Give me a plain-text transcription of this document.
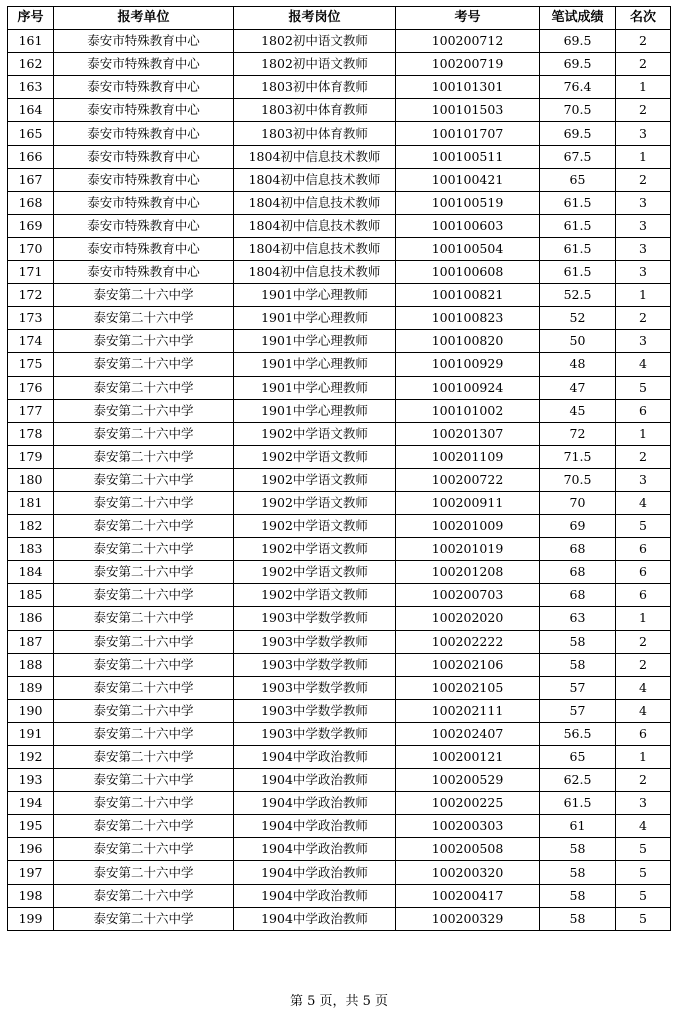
序号	报考单位	报考岗位	考号	笔试成绩	名次
161	泰安市特殊教育中心	1802初中语文教师	100200712	69.5	2
162	泰安市特殊教育中心	1802初中语文教师	100200719	69.5	2
163	泰安市特殊教育中心	1803初中体育教师	100101301	76.4	1
164	泰安市特殊教育中心	1803初中体育教师	100101503	70.5	2
165	泰安市特殊教育中心	1803初中体育教师	100101707	69.5	3
166	泰安市特殊教育中心	1804初中信息技术教师	100100511	67.5	1
167	泰安市特殊教育中心	1804初中信息技术教师	100100421	65	2
168	泰安市特殊教育中心	1804初中信息技术教师	100100519	61.5	3
169	泰安市特殊教育中心	1804初中信息技术教师	100100603	61.5	3
170	泰安市特殊教育中心	1804初中信息技术教师	100100504	61.5	3
171	泰安市特殊教育中心	1804初中信息技术教师	100100608	61.5	3
172	泰安第二十六中学	1901中学心理教师	100100821	52.5	1
173	泰安第二十六中学	1901中学心理教师	100100823	52	2
174	泰安第二十六中学	1901中学心理教师	100100820	50	3
175	泰安第二十六中学	1901中学心理教师	100100929	48	4
176	泰安第二十六中学	1901中学心理教师	100100924	47	5
177	泰安第二十六中学	1901中学心理教师	100101002	45	6
178	泰安第二十六中学	1902中学语文教师	100201307	72	1
179	泰安第二十六中学	1902中学语文教师	100201109	71.5	2
180	泰安第二十六中学	1902中学语文教师	100200722	70.5	3
181	泰安第二十六中学	1902中学语文教师	100200911	70	4
182	泰安第二十六中学	1902中学语文教师	100201009	69	5
183	泰安第二十六中学	1902中学语文教师	100201019	68	6
184	泰安第二十六中学	1902中学语文教师	100201208	68	6
185	泰安第二十六中学	1902中学语文教师	100200703	68	6
186	泰安第二十六中学	1903中学数学教师	100202020	63	1
187	泰安第二十六中学	1903中学数学教师	100202222	58	2
188	泰安第二十六中学	1903中学数学教师	100202106	58	2
189	泰安第二十六中学	1903中学数学教师	100202105	57	4
190	泰安第二十六中学	1903中学数学教师	100202111	57	4
191	泰安第二十六中学	1903中学数学教师	100202407	56.5	6
192	泰安第二十六中学	1904中学政治教师	100200121	65	1
193	泰安第二十六中学	1904中学政治教师	100200529	62.5	2
194	泰安第二十六中学	1904中学政治教师	100200225	61.5	3
195	泰安第二十六中学	1904中学政治教师	100200303	61	4
196	泰安第二十六中学	1904中学政治教师	100200508	58	5
197	泰安第二十六中学	1904中学政治教师	100200320	58	5
198	泰安第二十六中学	1904中学政治教师	100200417	58	5
199	泰安第二十六中学	1904中学政治教师	100200329	58	5
第 5 页，共 5 页
